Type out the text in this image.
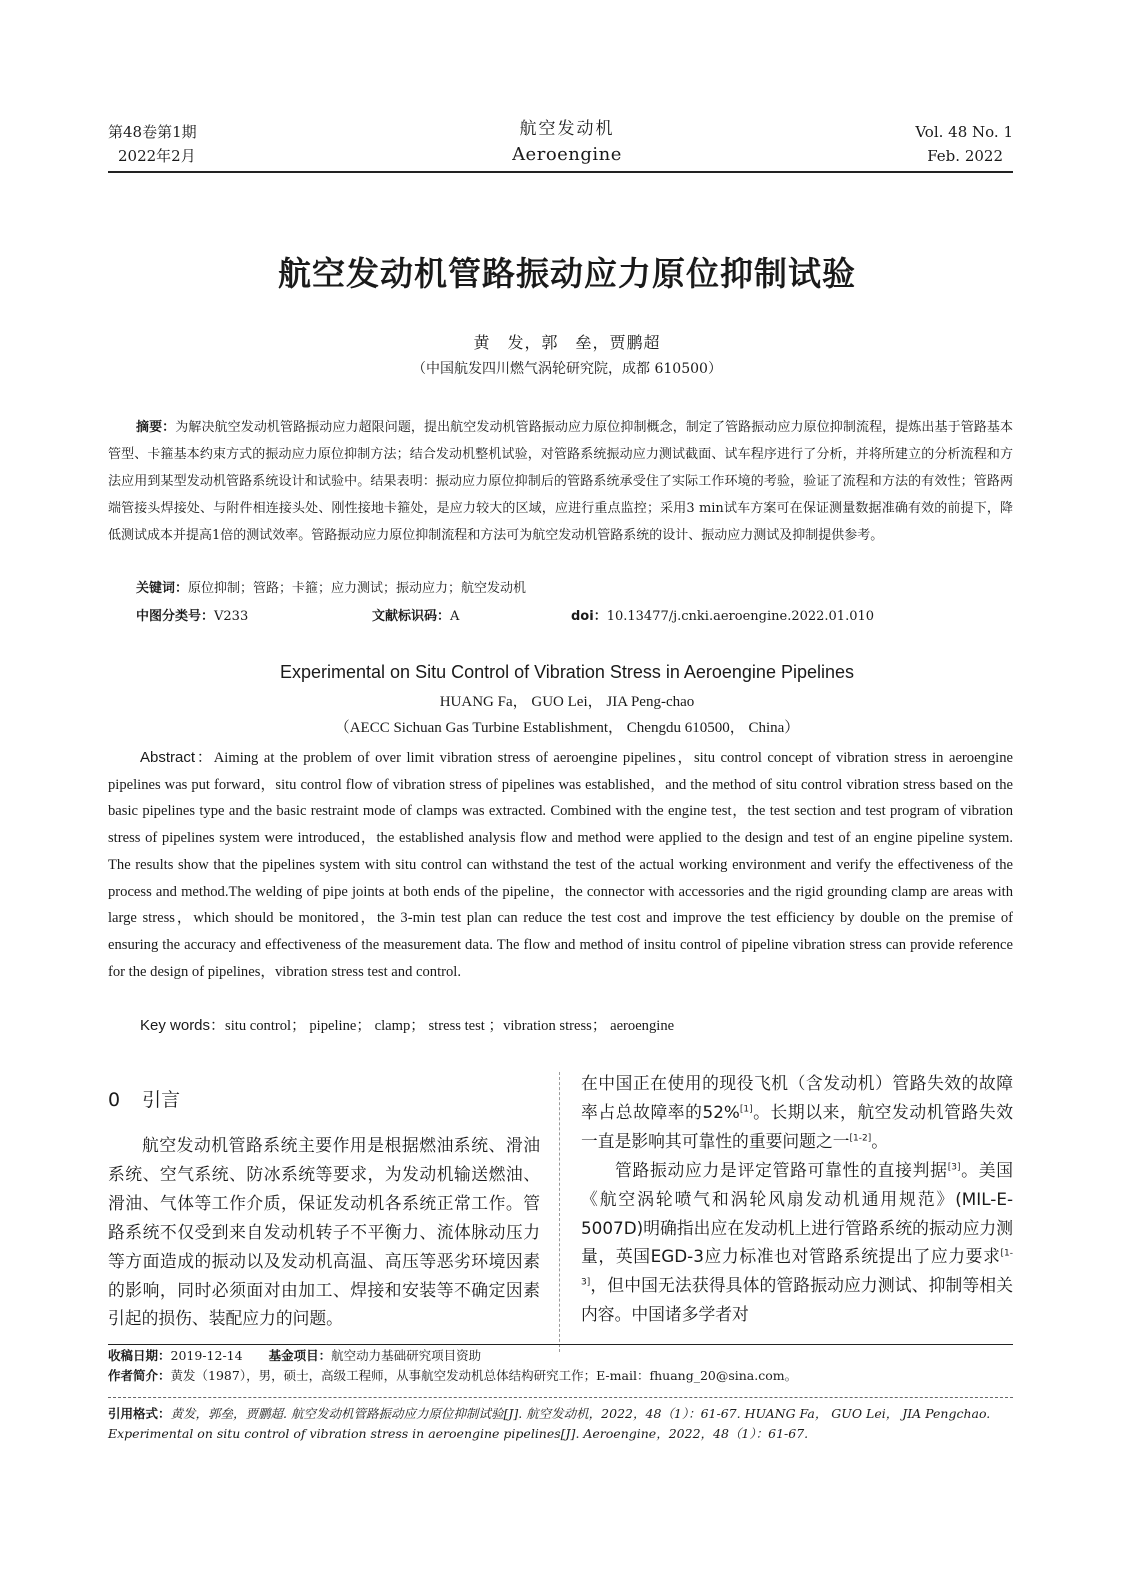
第48卷第1期
2022年2月
航空发动机
Aeroengine
Vol. 48 No. 1
Feb. 2022
航空发动机管路振动应力原位抑制试验
黄　发，郭　垒，贾鹏超
（中国航发四川燃气涡轮研究院，成都 610500）
摘要：为解决航空发动机管路振动应力超限问题，提出航空发动机管路振动应力原位抑制概念，制定了管路振动应力原位抑制流程，提炼出基于管路基本管型、卡箍基本约束方式的振动应力原位抑制方法；结合发动机整机试验，对管路系统振动应力测试截面、试车程序进行了分析，并将所建立的分析流程和方法应用到某型发动机管路系统设计和试验中。结果表明：振动应力原位抑制后的管路系统承受住了实际工作环境的考验，验证了流程和方法的有效性；管路两端管接头焊接处、与附件相连接头处、刚性接地卡箍处，是应力较大的区域，应进行重点监控；采用3 min试车方案可在保证测量数据准确有效的前提下，降低测试成本并提高1倍的测试效率。管路振动应力原位抑制流程和方法可为航空发动机管路系统的设计、振动应力测试及抑制提供参考。
关键词：原位抑制；管路；卡箍；应力测试；振动应力；航空发动机
中图分类号：V233	文献标识码：A	doi：10.13477/j.cnki.aeroengine.2022.01.010
Experimental on Situ Control of Vibration Stress in Aeroengine Pipelines
HUANG Fa， GUO Lei， JIA Peng-chao
（AECC Sichuan Gas Turbine Establishment， Chengdu 610500， China）
Abstract：Aiming at the problem of over limit vibration stress of aeroengine pipelines，situ control concept of vibration stress in aeroengine pipelines was put forward，situ control flow of vibration stress of pipelines was established，and the method of situ control vibration stress based on the basic pipelines type and the basic restraint mode of clamps was extracted. Combined with the engine test，the test section and test program of vibration stress of pipelines system were introduced，the established analysis flow and method were applied to the design and test of an engine pipeline system. The results show that the pipelines system with situ control can withstand the test of the actual working environment and verify the effectiveness of the process and method.The welding of pipe joints at both ends of the pipeline，the connector with accessories and the rigid grounding clamp are areas with large stress，which should be monitored，the 3-min test plan can reduce the test cost and improve the test efficiency by double on the premise of ensuring the accuracy and effectiveness of the measurement data. The flow and method of insitu control of pipeline vibration stress can provide reference for the design of pipelines，vibration stress test and control.
Key words：situ control； pipeline； clamp； stress test ；vibration stress； aeroengine
0 引言

航空发动机管路系统主要作用是根据燃油系统、滑油系统、空气系统、防冰系统等要求，为发动机输送燃油、滑油、气体等工作介质，保证发动机各系统正常工作。管路系统不仅受到来自发动机转子不平衡力、流体脉动压力等方面造成的振动以及发动机高温、高压等恶劣环境因素的影响，同时必须面对由加工、焊接和安装等不确定因素引起的损伤、装配应力的问题。

在中国正在使用的现役飞机（含发动机）管路失效的故障率占总故障率的52%[1]。长期以来，航空发动机管路失效一直是影响其可靠性的重要问题之一[1-2]。

管路振动应力是评定管路可靠性的直接判据[3]。美国《航空涡轮喷气和涡轮风扇发动机通用规范》(MIL-E-5007D)明确指出应在发动机上进行管路系统的振动应力测量，英国EGD-3应力标准也对管路系统提出了应力要求[1-3]，但中国无法获得具体的管路振动应力测试、抑制等相关内容。中国诸多学者对

收稿日期：2019-12-14 基金项目：航空动力基础研究项目资助
作者简介：黄发（1987），男，硕士，高级工程师，从事航空发动机总体结构研究工作；E-mail：fhuang_20@sina.com。
引用格式：黄发，郭垒，贾鹏超. 航空发动机管路振动应力原位抑制试验[J]. 航空发动机，2022，48（1）：61-67. HUANG Fa， GUO Lei， JIA Pengchao. Experimental on situ control of vibration stress in aeroengine pipelines[J]. Aeroengine，2022，48（1）：61-67.
